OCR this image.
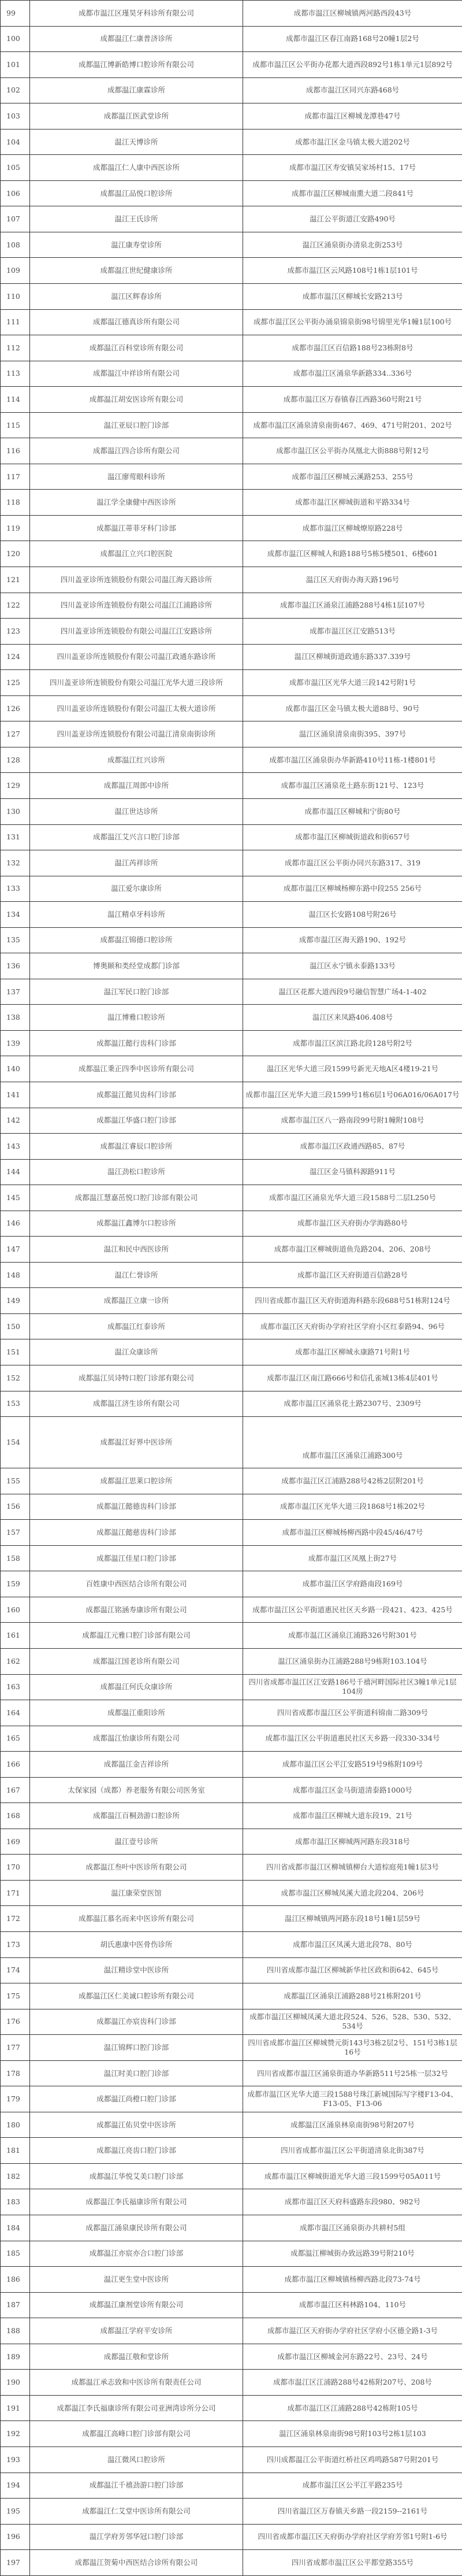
99	成都市温江区瑾昊牙科诊所有限公司	成都市温江区柳城镇两河路西段43号
100	成都温江仁康普济诊所	成都市温江区春江南路168号20幢1层2号
101	成都温江博新皓博口腔诊所有限公司	成都市温江区公平街办花都大道西段892号1栋1单元1层892号
102	成都温江康霖诊所	成都市温江区同兴东路468号
103	成都温江医武堂诊所	成都市温江区柳城龙潭巷47号
104	温江天博诊所	成都市温江区金马镇太极大道202号
105	成都温江仁人康中西医诊所	成都市温江区寿安镇吴家场村15、17号
106	成都温江品悦口腔诊所	成都市温江区柳城南熏大道二段841号
107	温江王氏诊所	温江公平街道江安路490号
108	温江康寿堂诊所	温江区涌泉街办清泉北街253号
109	成都温江世纪健康诊所	成都市温江区云风路108号1栋1层101号
110	温江区辉春诊所	成都市温江区柳城长安路213号
111	成都温江德真诊所有限公司	成都市温江区公平街办涌泉锦泉街98号锦里光华1幢1层100号
112	成都温江百科堂诊所有限公司	成都市温江区百信路188号23栋附8号
113	成都温江中祥诊所有限公司	成都市温江区涌泉华新路334..336号
114	成都温江胡安医诊所有限公司	成都市温江区万春镇春江西路360号附21号
115	温江亚辰口腔门诊部	成都市温江区涌泉清泉南街467、469、471号附201、202号
116	成都温江四合诊所有限公司	成都市温江区公平街办凤凰北大街888号附12号
117	温江廖莺眼科诊所	成都市温江区柳城云溪路253、255号
118	温江学全康健中西医诊所	成都市温江区柳城街道和平路334号
119	成都温江蒂菲牙科门诊部	成都市温江区柳城燎原路228号
120	成都温江立兴口腔医院	成都市温江区柳城人和路188号5栋5楼501、6楼601
121	四川盖亚诊所连锁股份有限公司温江海天路诊所	温江区天府街办海天路196号
122	四川盖亚诊所连锁股份有限公司温江江浦路诊所	成都市温江区涌泉江浦路288号4栋1层107号
123	四川盖亚诊所连锁股份有限公司温江江安路诊所	成都市温江区江安路513号
124	四川盖亚诊所连锁股份有限公司温江政通东路诊所	温江区柳城街道政通东路337.339号
125	四川盖亚诊所连锁股份有限公司温江光华大道三段诊所	成都市温江区光华大道三段142号附1号
126	四川盖亚诊所连锁股份有限公司温江太极大道诊所	成都市温江区金马镇太极大道88号、90号
127	四川盖亚诊所连锁股份有限公司温江清泉南街诊所	温江区涌泉清泉南街395、397号
128	成都温江红兴诊所	成都市温江区涌泉街办华新路410号11栋-1楼801号
129	成都温江周郎中诊所	成都市温江区涌泉花土路东街121号、123号
130	温江世达诊所	成都市温江区柳城和宁街80号
131	成都温江艾兴言口腔门诊部	成都市温江区柳城街道政和街657号
132	温江芮祥诊所	成都市温江区公平街办同兴东路317、319
133	温江爱尔康诊所	成都市温江区柳城杨柳东路中段255 256号
134	温江精卓牙科诊所	温江区长安路108号附26号
135	成都温江锦德口腔诊所	成都市温江区海天路190、192号
136	博奥颐和类经堂成都门诊部	温江区永宁镇永泰路133号
137	温江军民口腔门诊部	温江区花都大道西段9号融信智慧广场4-1-402
138	温江博雅口腔诊所	温江区来凤路406.408号
139	成都温江懿行齿科门诊部	成都市温江区滨江路北段128号附2号
140	成都温江秉正四季中医诊所有限公司	温江区光华大道三段1599号新光天地A区4楼19-21号
141	成都温江懿贝齿科门诊部	成都市温江区光华大道三段1599号1栋6层1号06A016/06A017号
142	成都温江华盛口腔门诊部	成都市温江区八一路南段99号附1幢附108号
143	成都温江睿辰口腔诊所	成都市温江区政通西路85、87号
144	温江劲松口腔诊所	温江区金马镇科源路911号
145	成都温江慧嘉茁悦口腔门诊部有限公司	成都市温江区涌泉光华大道三段1588号二层L250号
146	成都温江鑫博尔口腔诊所	成都市温江区天府街办学海路80号
147	温江和民中西医诊所	成都市温江区柳城街道鱼凫路204、206、208号
148	温江仁誉诊所	成都市温江区天府街道百信路28号
149	成都温江立康一诊所	四川省成都市温江区天府街道海科路东段688号51栋附124号
150	成都温江红泰诊所	成都市温江区天府街办学府社区学府小区红泰路94、96号
151	温江众康诊所	成都市温江区柳城永康路71号附1号
152	成都温江贝诗特口腔门诊部有限公司	成都市温江区南江路666号和信孔雀城13栋4层401号
153	成都温江济生诊所有限公司	成都市温江区涌泉花土路2307号、2309号
154	成都温江好界中医诊所	成都市温江区涌泉江浦路300号
155	成都温江思莱口腔诊所	成都市温江区江浦路288号42栋2层附201号
156	成都温江懿德齿科门诊部	成都市温江区光华大道三段1868号1栋202号
157	成都温江懿慈齿科门诊部	成都市温江区柳城杨柳西路中段45/46/47号
158	成都温江佳星口腔门诊部	成都市温江区凤凰上街27号
159	百姓康中西医结合诊所有限公司	成都市温江区学府路南段169号
160	成都温江铭涵寿康诊所有限公司	成都市温江区公平街道惠民社区天乡路一段421、423、425号
161	成都温江元雅口腔门诊部有限公司	成都市温江区涌泉江浦路326号附301号
162	成都温江国老诊所有限公司	温江区涌泉街办江浦路288号9栋附103.104号
163	成都温江何氏众康诊所	四川省成都市温江区江安路186号千禧河畔国际社区3幢1单元1层104房
164	成都温江重阳诊所	四川省成都市温江区公平街道科锦南二路309号
165	成都温江怡康诊所有限公司	成都市温江区公平街道惠民社区天乡路一段330-334号
166	成都温江金吉祥诊所	成都市温江区公平江安路519号9栋附109号
167	太保家园（成都）养老服务有限公司医务室	成都市温江区金马街道清泰路1000号
168	成都温江百桐劲游口腔诊所	成都市温江区柳城大道东段19、21号
169	温江壹号诊所	成都市温江区柳城两河路东段318号
170	成都温江叁叶中医诊所有限公司	四川省成都市温江区柳城镇柳台大道棕庭苑1幢1层3号
171	温江康荣堂医馆	成都市温江区柳城凤溪大道北段204、206号
172	成都温江慕名而来中医诊所有限公司	温江区柳城镇两河路东段18号1幢1层59号
173	胡氏惠康中医骨伤诊所	成都市温江区凤溪大道北段78、80号
174	温江精诊堂中医诊所	四川省成都市温江区柳城新华社区政和街642、645号
175	成都温江区仁美诚口腔诊所有限公司	成都温江区涌泉江浦路288号21栋附201号
176	成都温江亦宸齿科门诊部	成都市温江区柳城凤溪大道北段524、526、528、530、532、534号
177	温江锦辉口腔门诊部	四川省成都市温江区柳城赞元街143号3栋2层2号、151号3栋1层16号
178	温江时美口腔门诊部	四川省成都市温江区涌泉街道办华新路511号25栋一层32号
179	成都温江尚橙口腔门诊部	成都市温江区光华大道三段1588号珠江新城国际写字楼F13-04、F13-05、F13-06
180	成都温江佑贝堂中医诊所	成都温江区涌泉林泉南街98号附207号
181	成都温江亮齿口腔门诊部	四川省成都市温江区公平街道清泉北街387号
182	成都温江华悦艾美口腔门诊部	成都市温江区柳城街道光华大道三段1599号05A011号
183	成都温江李氏福康诊所有限公司	成都市温江区天府科盛路东段980、982号
184	成都温江涌泉康民诊所有限公司	成都市温江区涌泉街办共耕村5组
185	成都温江亦宸亦合口腔门诊部	成都温江柳城街办致远路39号附210号
186	温江更生堂中医诊所	成都市温江区柳城镇杨柳西路北段73-74号
187	成都温江康剂堂诊所有限公司	成都市温江区科林路104、110号
188	成都温江学府平安诊所	成都市温江区天府街办学府社区学府小区德全路1-3号
189	成都温江敬和堂诊所	成都市温江区柳城金河东路22号、23号、24号
190	成都温江承志致和中医诊所有限责任公司	成都市温江区江浦路288号42栋附207号、208号
191	成都温江李氏福康诊所有限公司亚洲湾诊所分公司	成都市温江区江浦路288号42栋附105号
192	成都温江高峰口腔门诊部有限公司	温江区涌泉林泉南街98号附103号2栋1层103
193	温江微风口腔诊所	四川成都温江公平街道红桥社区鸡鸣路587号附201号
194	成都温江千禧劲游口腔门诊部	成都市温江区公平江平路235号
195	成都温江仁艾堂中医诊所有限公司	四川省温江区万春镇天乡路一段2159--2161号
196	温江学府芳邻华冠口腔门诊部	四川省成都市温江区天府街办学府社区学府芳邻1号附1-6号
197	成都温江贺菊中西医结合诊所有限公司	四川省成都市温江区公平都堂路355号
